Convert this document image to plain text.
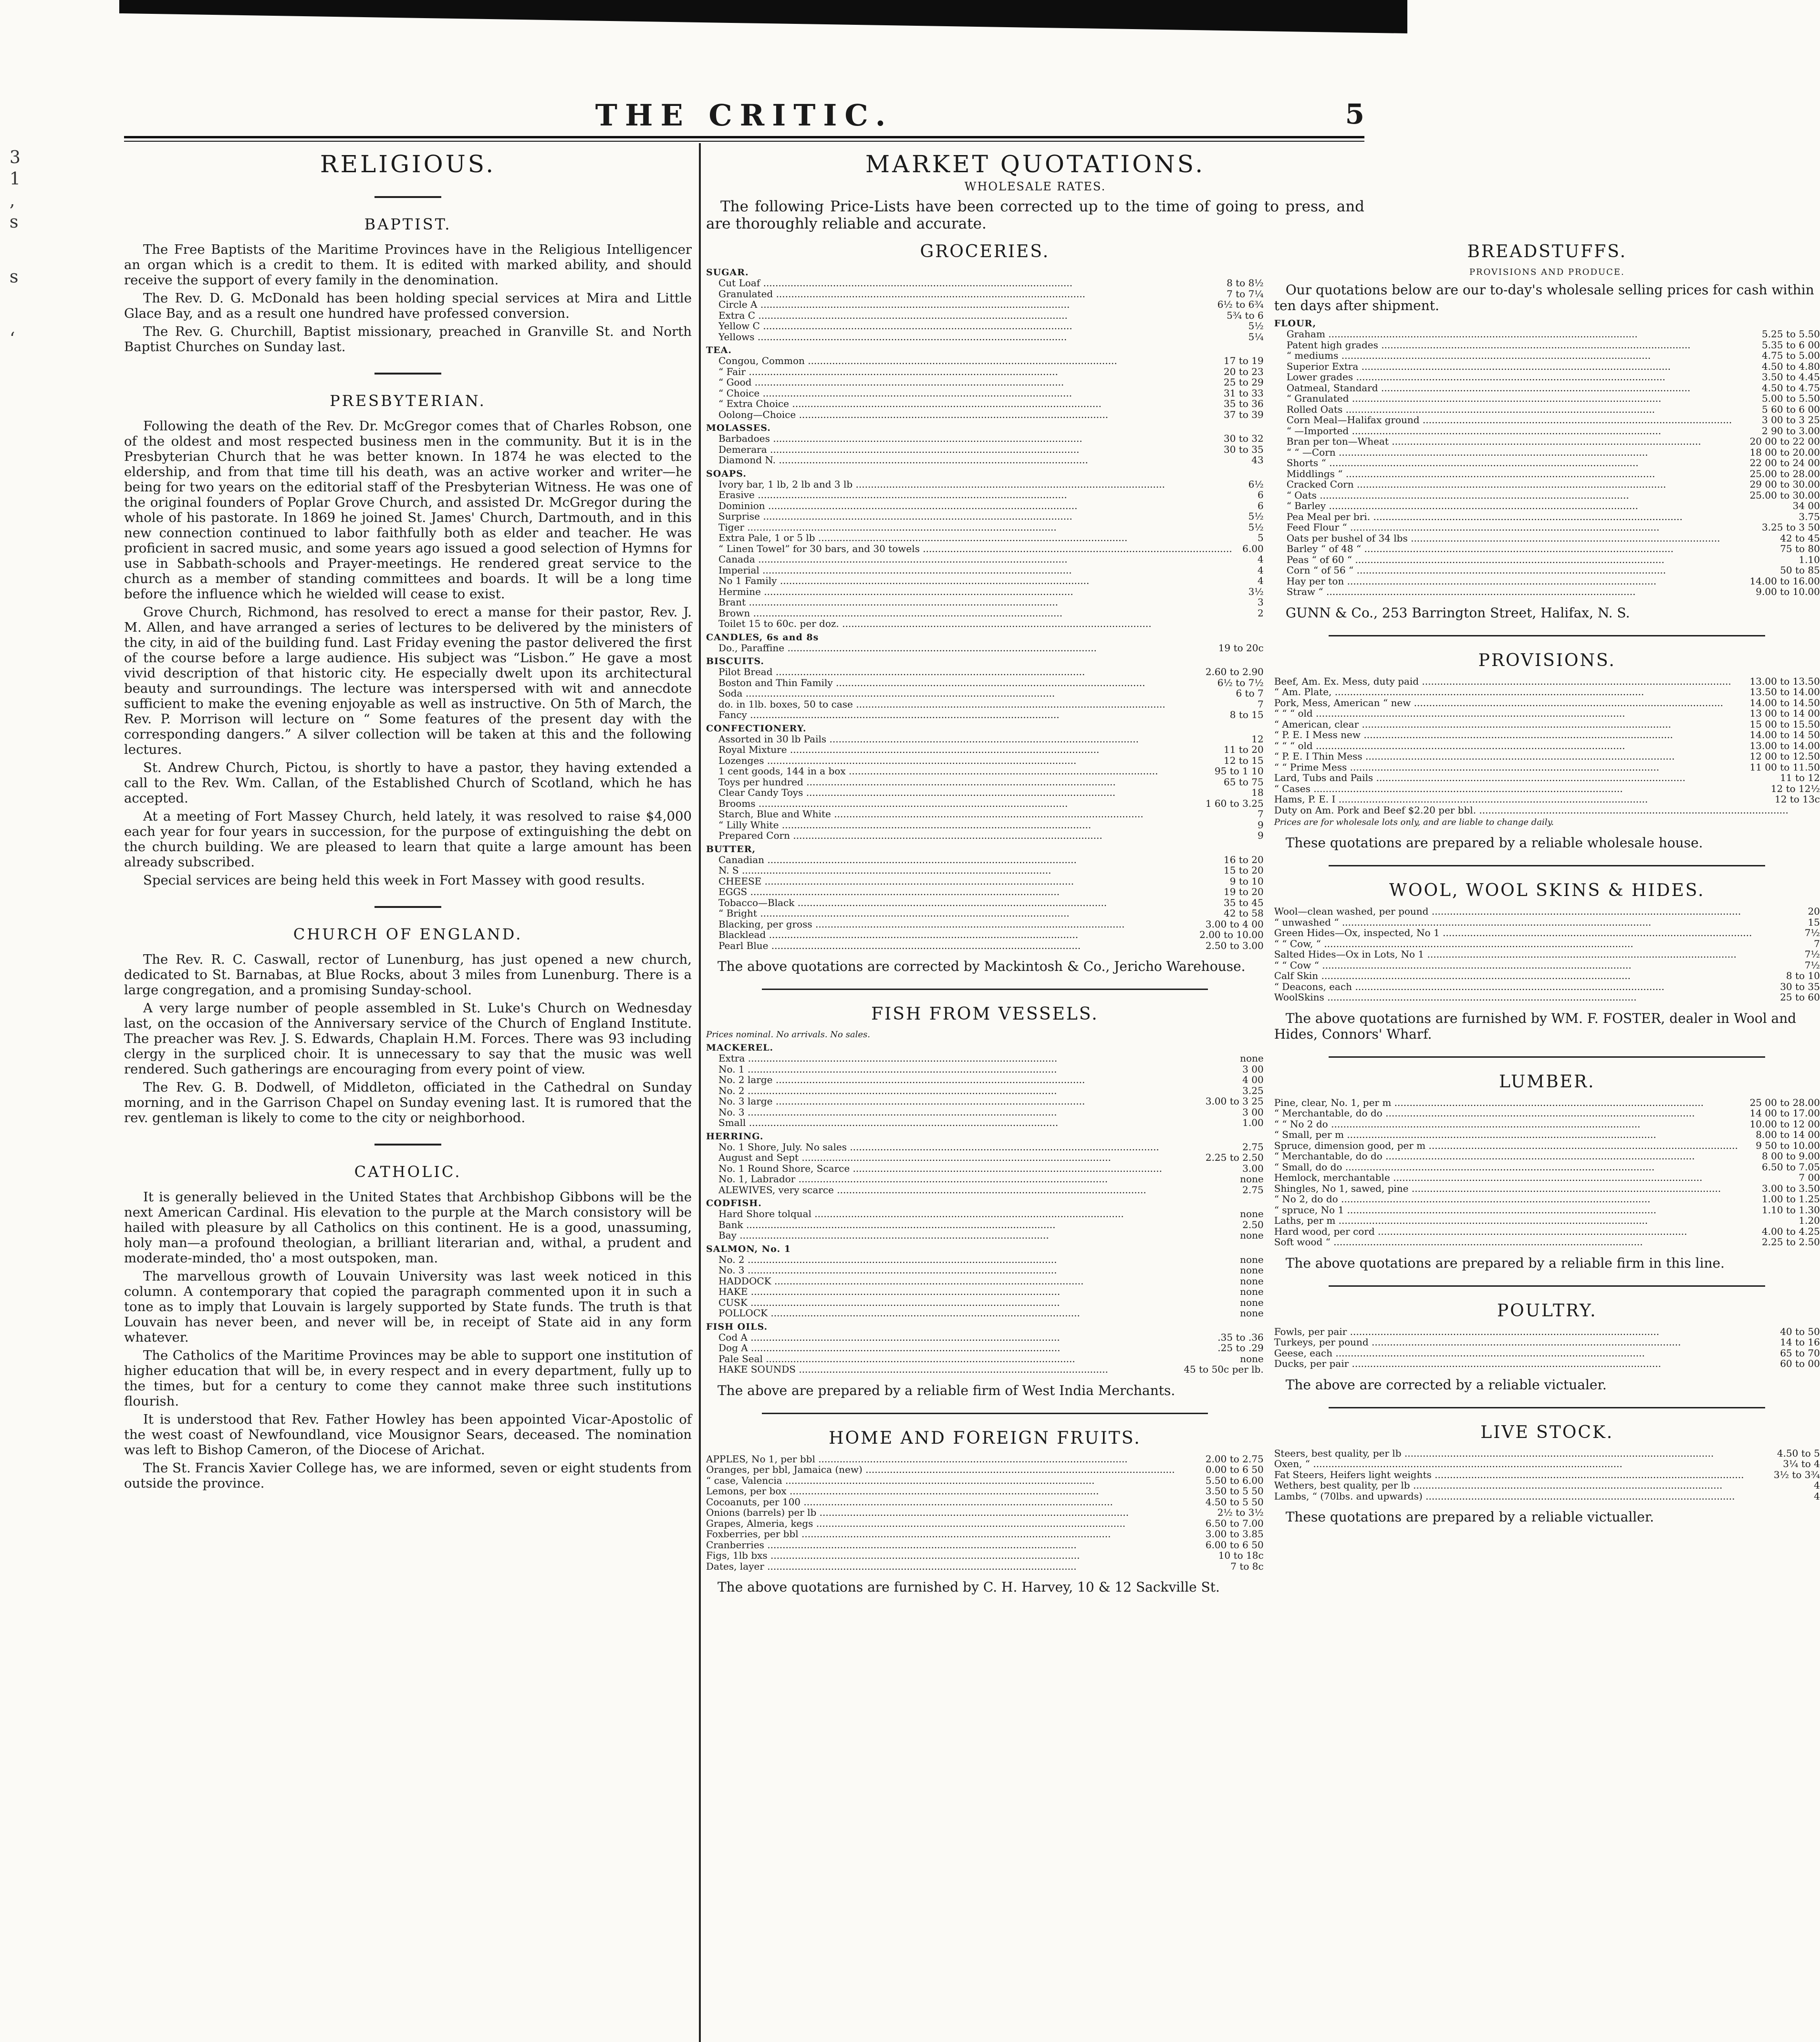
THE CRITIC.	5
3
1
,
s
s
‘
RELIGIOUS.
BAPTIST.

The Free Baptists of the Maritime Provinces have in the Religious Intelligencer an organ which is a credit to them. It is edited with marked ability, and should receive the support of every family in the denomination.

The Rev. D. G. McDonald has been holding special services at Mira and Little Glace Bay, and as a result one hundred have professed conversion.

The Rev. G. Churchill, Baptist missionary, preached in Granville St. and North Baptist Churches on Sunday last.

PRESBYTERIAN.

Following the death of the Rev. Dr. McGregor comes that of Charles Robson, one of the oldest and most respected business men in the community. But it is in the Presbyterian Church that he was better known. In 1874 he was elected to the eldership, and from that time till his death, was an active worker and writer—he being for two years on the editorial staff of the Presbyterian Witness. He was one of the original founders of Poplar Grove Church, and assisted Dr. McGregor during the whole of his pastorate. In 1869 he joined St. James' Church, Dartmouth, and in this new connection continued to labor faithfully both as elder and teacher. He was proficient in sacred music, and some years ago issued a good selection of Hymns for use in Sabbath-schools and Prayer-meetings. He rendered great service to the church as a member of standing committees and boards. It will be a long time before the influence which he wielded will cease to exist.

Grove Church, Richmond, has resolved to erect a manse for their pastor, Rev. J. M. Allen, and have arranged a series of lectures to be delivered by the ministers of the city, in aid of the building fund. Last Friday evening the pastor delivered the first of the course before a large audience. His subject was “Lisbon.” He gave a most vivid description of that historic city. He especially dwelt upon its architectural beauty and surroundings. The lecture was interspersed with wit and annecdote sufficient to make the evening enjoyable as well as instructive. On 5th of March, the Rev. P. Morrison will lecture on “ Some features of the present day with the corresponding dangers.” A silver collection will be taken at this and the following lectures.

St. Andrew Church, Pictou, is shortly to have a pastor, they having extended a call to the Rev. Wm. Callan, of the Established Church of Scotland, which he has accepted.

At a meeting of Fort Massey Church, held lately, it was resolved to raise $4,000 each year for four years in succession, for the purpose of extinguishing the debt on the church building. We are pleased to learn that quite a large amount has been already subscribed.

Special services are being held this week in Fort Massey with good results.

CHURCH OF ENGLAND.

The Rev. R. C. Caswall, rector of Lunenburg, has just opened a new church, dedicated to St. Barnabas, at Blue Rocks, about 3 miles from Lunenburg. There is a large congregation, and a promising Sunday-school.

A very large number of people assembled in St. Luke's Church on Wednesday last, on the occasion of the Anniversary service of the Church of England Institute. The preacher was Rev. J. S. Edwards, Chaplain H.M. Forces. There was 93 including clergy in the surpliced choir. It is unnecessary to say that the music was well rendered. Such gatherings are encouraging from every point of view.

The Rev. G. B. Dodwell, of Middleton, officiated in the Cathedral on Sunday morning, and in the Garrison Chapel on Sunday evening last. It is rumored that the rev. gentleman is likely to come to the city or neighborhood.

CATHOLIC.

It is generally believed in the United States that Archbishop Gibbons will be the next American Cardinal. His elevation to the purple at the March consistory will be hailed with pleasure by all Catholics on this continent. He is a good, unassuming, holy man—a profound theologian, a brilliant literarian and, withal, a prudent and moderate-minded, tho' a most outspoken, man.

The marvellous growth of Louvain University was last week noticed in this column. A contemporary that copied the paragraph commented upon it in such a tone as to imply that Louvain is largely supported by State funds. The truth is that Louvain has never been, and never will be, in receipt of State aid in any form whatever.

The Catholics of the Maritime Provinces may be able to support one institution of higher education that will be, in every respect and in every department, fully up to the times, but for a century to come they cannot make three such institutions flourish.

It is understood that Rev. Father Howley has been appointed Vicar-Apostolic of the west coast of Newfoundland, vice Mousignor Sears, deceased. The nomination was left to Bishop Cameron, of the Diocese of Arichat.

The St. Francis Xavier College has, we are informed, seven or eight students from outside the province.

MARKET QUOTATIONS.
WHOLESALE RATES.

The following Price-Lists have been corrected up to the time of going to press, and are thoroughly reliable and accurate.

GROCERIES.
SUGAR.
Cut Loaf .....	8 to 8½
Granulated .....	7 to 7¼
Circle A .....	6½ to 6¾
Extra C .....	5¾ to 6
Yellow C .....	5½
Yellows .....	5¼
TEA.
Congou, Common .....	17 to 19
“ Fair .....	20 to 23
“ Good .....	25 to 29
“ Choice .....	31 to 33
“ Extra Choice .....	35 to 36
Oolong—Choice .....	37 to 39
MOLASSES.
Barbadoes .....	30 to 32
Demerara .....	30 to 35
Diamond N. .....	43
SOAPS.
Ivory bar, 1 lb, 2 lb and 3 lb .....	6½
Erasive .....	6
Dominion .....	6
Surprise .....	5½
Tiger .....	5½
Extra Pale, 1 or 5 lb .....	5
“ Linen Towel” for 30 bars, and 30 towels .....	6.00
Canada .....	4
Imperial .....	4
No 1 Family .....	4
Hermine .....	3½
Brant .....	3
Brown .....	2
Toilet 15 to 60c. per doz. .....
CANDLES, 6s and 8s
Do., Paraffine .....	19 to 20c
BISCUITS.
Pilot Bread .....	2.60 to 2.90
Boston and Thin Family .....	6½ to 7½
Soda .....	6 to 7
do. in 1lb. boxes, 50 to case .....	7
Fancy .....	8 to 15
CONFECTIONERY.
Assorted in 30 lb Pails .....	12
Royal Mixture .....	11 to 20
Lozenges .....	12 to 15
1 cent goods, 144 in a box .....	95 to 1 10
Toys per hundred .....	65 to 75
Clear Candy Toys .....	18
Brooms .....	1 60 to 3.25
Starch, Blue and White .....	7
“ Lilly White .....	9
Prepared Corn .....	9
BUTTER,
Canadian .....	16 to 20
N. S .....	15 to 20
CHEESE .....	9 to 10
EGGS .....	19 to 20
Tobacco—Black .....	35 to 45
“ Bright .....	42 to 58
Blacking, per gross .....	3.00 to 4 00
Blacklead .....	2.00 to 10.00
Pearl Blue .....	2.50 to 3.00

The above quotations are corrected by Mackintosh & Co., Jericho Warehouse.

FISH FROM VESSELS.
Prices nominal. No arrivals. No sales.
MACKEREL.
Extra .....	none
No. 1 .....	3 00
No. 2 large .....	4 00
No. 2 .....	3.25
No. 3 large .....	3.00 to 3 25
No. 3 .....	3 00
Small .....	1.00
HERRING.
No. 1 Shore, July. No sales .....	2.75
August and Sept .....	2.25 to 2.50
No. 1 Round Shore, Scarce .....	3.00
No. 1, Labrador .....	none
ALEWIVES, very scarce .....	2.75
CODFISH.
Hard Shore tolqual .....	none
Bank .....	2.50
Bay .....	none
SALMON, No. 1
No. 2 .....	none
No. 3 .....	none
HADDOCK .....	none
HAKE .....	none
CUSK .....	none
POLLOCK .....	none
FISH OILS.
Cod A .....	.35 to .36
Dog A .....	.25 to .29
Pale Seal .....	none
HAKE SOUNDS .....	45 to 50c per lb.

The above are prepared by a reliable firm of West India Merchants.

HOME AND FOREIGN FRUITS.
APPLES, No 1, per bbl .....	2.00 to 2.75
Oranges, per bbl, Jamaica (new) .....	0.00 to 6 50
“ case, Valencia .....	5.50 to 6.00
Lemons, per box .....	3.50 to 5 50
Cocoanuts, per 100 .....	4.50 to 5 50
Onions (barrels) per lb .....	2½ to 3½
Grapes, Almeria, kegs .....	6.50 to 7.00
Foxberries, per bbl .....	3.00 to 3.85
Cranberries .....	6.00 to 6 50
Figs, 1lb bxs .....	10 to 18c
Dates, layer .....	7 to 8c

The above quotations are furnished by C. H. Harvey, 10 & 12 Sackville St.

BREADSTUFFS.
PROVISIONS AND PRODUCE.

Our quotations below are our to-day's wholesale selling prices for cash within ten days after shipment.

FLOUR,
Graham .....	5.25 to 5.50
Patent high grades .....	5.35 to 6 00
“ mediums .....	4.75 to 5.00
Superior Extra .....	4.50 to 4.80
Lower grades .....	3.50 to 4.45
Oatmeal, Standard .....	4.50 to 4.75
“ Granulated .....	5.00 to 5.50
Rolled Oats .....	5 60 to 6 00
Corn Meal—Halifax ground .....	3 00 to 3 25
“ —Imported .....	2 90 to 3.00
Bran per ton—Wheat .....	20 00 to 22 00
“ “ —Corn .....	18 00 to 20.00
Shorts “ .....	22 00 to 24 00
Middlings “ .....	25.00 to 28.00
Cracked Corn .....	29 00 to 30.00
“ Oats .....	25.00 to 30.00
“ Barley .....	34 00
Pea Meal per bri. .....	3.75
Feed Flour “ .....	3.25 to 3 50
Oats per bushel of 34 lbs .....	42 to 45
Barley “ of 48 “ .....	75 to 80
Peas “ of 60 “ .....	1.10
Corn “ of 56 “ .....	50 to 85
Hay per ton .....	14.00 to 16.00
Straw “ .....	9.00 to 10.00

GUNN & Co., 253 Barrington Street, Halifax, N. S.

PROVISIONS.
Beef, Am. Ex. Mess, duty paid .....	13.00 to 13.50
“ Am. Plate, .....	13.50 to 14.00
Pork, Mess, American “ new .....	14.00 to 14.50
“ “ “ old .....	13 00 to 14 00
“ American, clear .....	15 00 to 15.50
“ P. E. I Mess new .....	14.00 to 14 50
“ “ “ old .....	13.00 to 14.00
“ P. E. I Thin Mess .....	12 00 to 12.50
“ “ Prime Mess .....	11 00 to 11.50
Lard, Tubs and Pails .....	11 to 12
“ Cases .....	12 to 12½
Hams, P. E. I .....	12 to 13c
Duty on Am. Pork and Beef $2.20 per bbl. .....
Prices are for wholesale lots only, and are liable to change daily.

These quotations are prepared by a reliable wholesale house.

WOOL, WOOL SKINS & HIDES.
Wool—clean washed, per pound .....	20
“ unwashed “ .....	15
Green Hides—Ox, inspected, No 1 .....	7½
“ “ Cow, “ .....	7
Salted Hides—Ox in Lots, No 1 .....	7½
“ “ Cow “ .....	7½
Calf Skin .....	8 to 10
“ Deacons, each .....	30 to 35
WoolSkins .....	25 to 60

The above quotations are furnished by WM. F. FOSTER, dealer in Wool and Hides, Connors' Wharf.

LUMBER.
Pine, clear, No. 1, per m .....	25 00 to 28.00
“ Merchantable, do do .....	14 00 to 17.00
“ “ No 2 do .....	10.00 to 12 00
“ Small, per m .....	8.00 to 14 00
Spruce, dimension good, per m .....	9 50 to 10.00
“ Merchantable, do do .....	8 00 to 9.00
“ Small, do do .....	6.50 to 7.05
Hemlock, merchantable .....	7 00
Shingles, No 1, sawed, pine .....	3.00 to 3.50
“ No 2, do do .....	1.00 to 1.25
“ spruce, No 1 .....	1.10 to 1.30
Laths, per m .....	1.20
Hard wood, per cord .....	4.00 to 4.25
Soft wood “ .....	2.25 to 2.50

The above quotations are prepared by a reliable firm in this line.

POULTRY.
Fowls, per pair .....	40 to 50
Turkeys, per pound .....	14 to 16
Geese, each .....	65 to 70
Ducks, per pair .....	60 to 00

The above are corrected by a reliable victualer.

LIVE STOCK.
Steers, best quality, per lb .....	4.50 to 5
Oxen, “ .....	3¼ to 4
Fat Steers, Heifers light weights .....	3½ to 3¾
Wethers, best quality, per lb .....	4
Lambs, “ (70lbs. and upwards) .....	4

These quotations are prepared by a reliable victualler.
